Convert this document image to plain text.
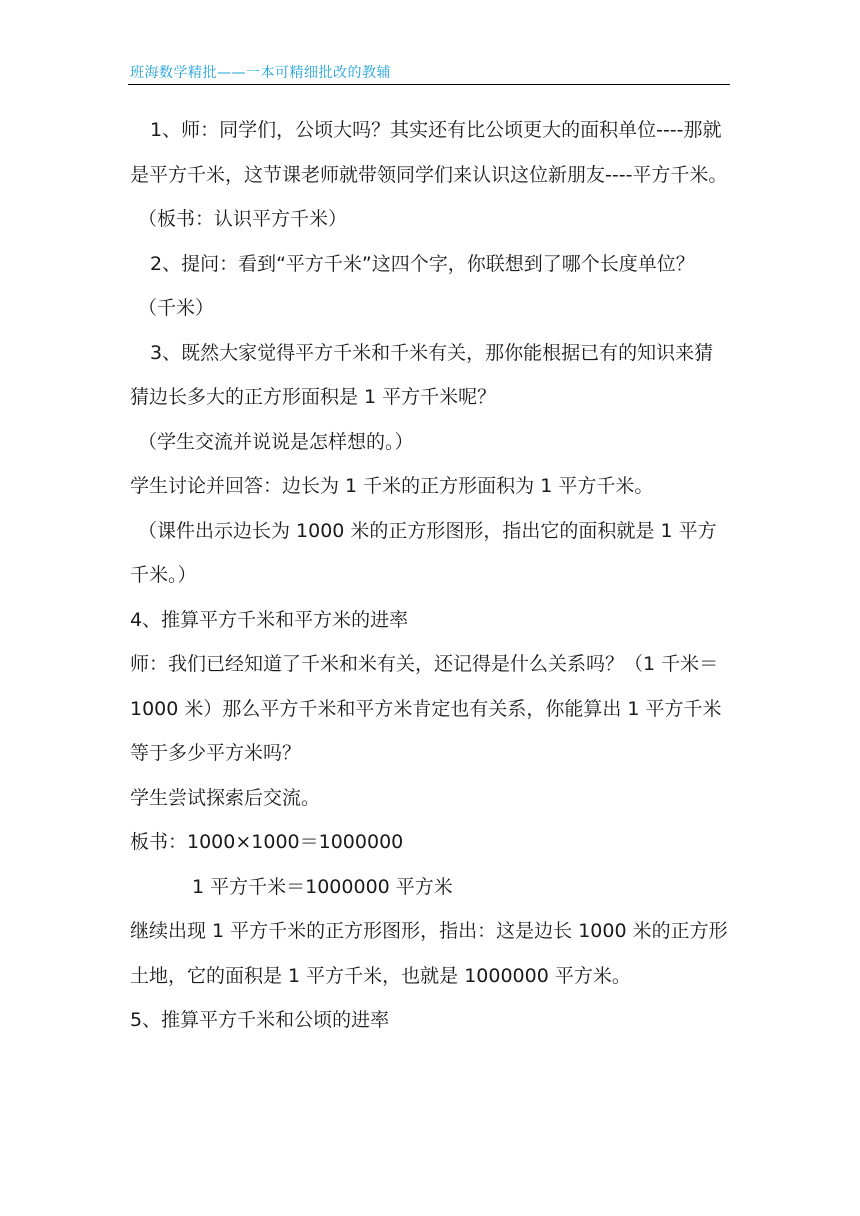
班海数学精批——一本可精细批改的教辅

1、师：同学们，公顷大吗？其实还有比公顷更大的面积单位----那就是平方千米，这节课老师就带领同学们来认识这位新朋友----平方千米。

（板书：认识平方千米）

2、提问：看到“平方千米”这四个字，你联想到了哪个长度单位？

（千米）

3、既然大家觉得平方千米和千米有关，那你能根据已有的知识来猜猜边长多大的正方形面积是 1 平方千米呢？

（学生交流并说说是怎样想的。）

学生讨论并回答：边长为 1 千米的正方形面积为 1 平方千米。

（课件出示边长为 1000 米的正方形图形，指出它的面积就是 1 平方千米。）

4、推算平方千米和平方米的进率

师：我们已经知道了千米和米有关，还记得是什么关系吗？（1 千米＝1000 米）那么平方千米和平方米肯定也有关系，你能算出 1 平方千米等于多少平方米吗？

学生尝试探索后交流。

板书：1000×1000＝1000000

1 平方千米＝1000000 平方米

继续出现 1 平方千米的正方形图形，指出：这是边长 1000 米的正方形土地，它的面积是 1 平方千米，也就是 1000000 平方米。

5、推算平方千米和公顷的进率
